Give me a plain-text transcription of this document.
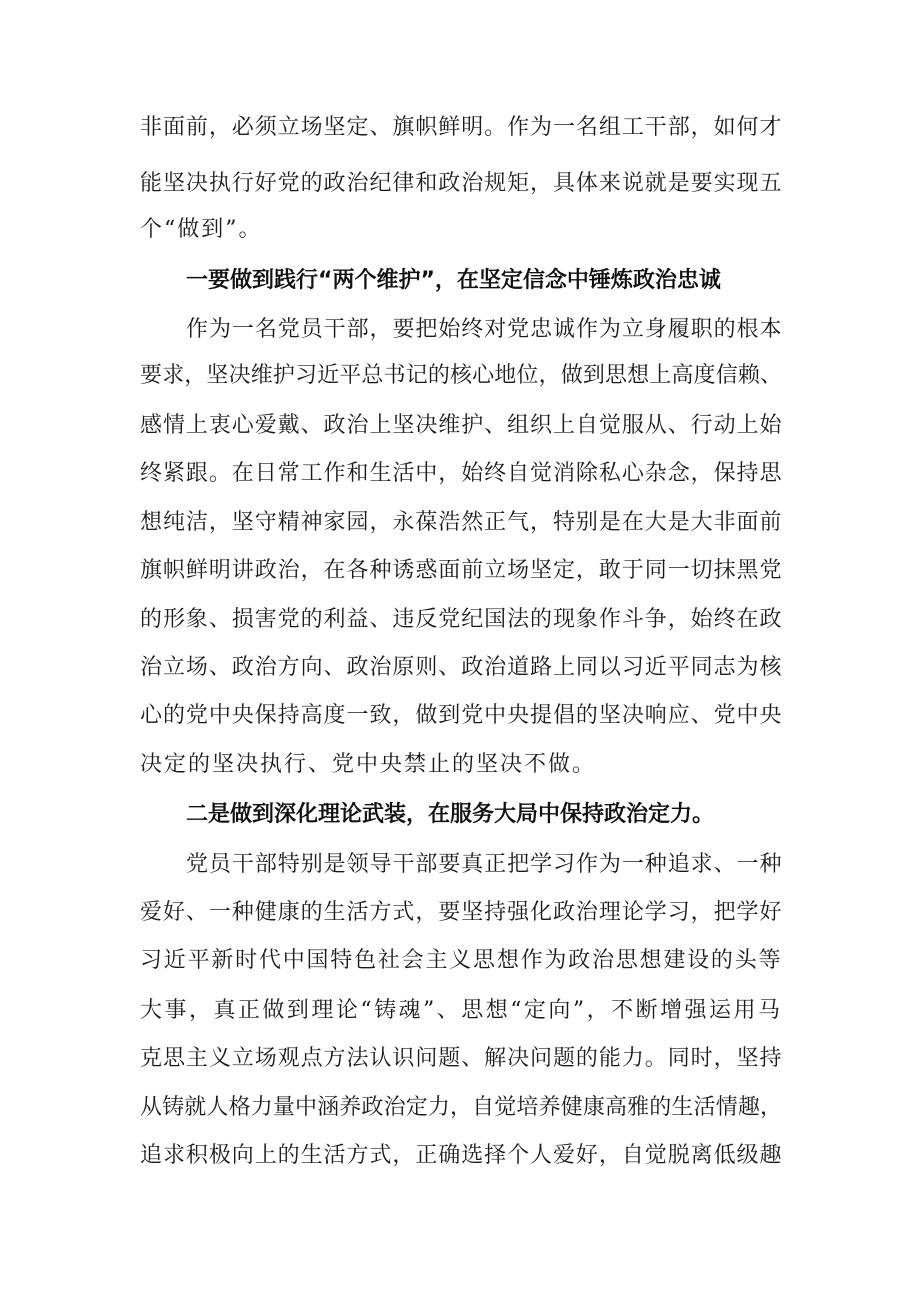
非面前，必须立场坚定、旗帜鲜明。作为一名组工干部，如何才
能坚决执行好党的政治纪律和政治规矩，具体来说就是要实现五
个“做到”。
一要做到践行“两个维护”，在坚定信念中锤炼政治忠诚
作为一名党员干部，要把始终对党忠诚作为立身履职的根本
要求，坚决维护习近平总书记的核心地位，做到思想上高度信赖、
感情上衷心爱戴、政治上坚决维护、组织上自觉服从、行动上始
终紧跟。在日常工作和生活中，始终自觉消除私心杂念，保持思
想纯洁，坚守精神家园，永葆浩然正气，特别是在大是大非面前
旗帜鲜明讲政治，在各种诱惑面前立场坚定，敢于同一切抹黑党
的形象、损害党的利益、违反党纪国法的现象作斗争，始终在政
治立场、政治方向、政治原则、政治道路上同以习近平同志为核
心的党中央保持高度一致，做到党中央提倡的坚决响应、党中央
决定的坚决执行、党中央禁止的坚决不做。
二是做到深化理论武装，在服务大局中保持政治定力。
党员干部特别是领导干部要真正把学习作为一种追求、一种
爱好、一种健康的生活方式，要坚持强化政治理论学习，把学好
习近平新时代中国特色社会主义思想作为政治思想建设的头等
大事，真正做到理论“铸魂”、思想“定向”，不断增强运用马
克思主义立场观点方法认识问题、解决问题的能力。同时，坚持
从铸就人格力量中涵养政治定力，自觉培养健康高雅的生活情趣，
追求积极向上的生活方式，正确选择个人爱好，自觉脱离低级趣
